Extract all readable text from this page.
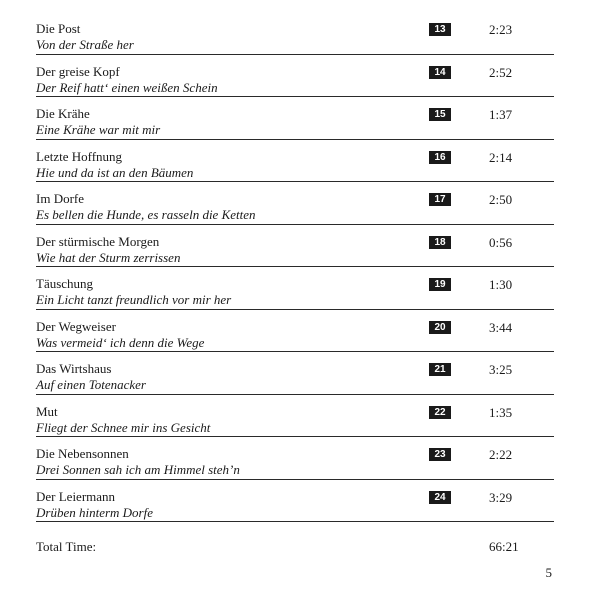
Die Post
Von der Straße her
13	2:23
Der greise Kopf
Der Reif hatt‘ einen weißen Schein
14	2:52
Die Krähe
Eine Krähe war mit mir
15	1:37
Letzte Hoffnung
Hie und da ist an den Bäumen
16	2:14
Im Dorfe
Es bellen die Hunde, es rasseln die Ketten
17	2:50
Der stürmische Morgen
Wie hat der Sturm zerrissen
18	0:56
Täuschung
Ein Licht tanzt freundlich vor mir her
19	1:30
Der Wegweiser
Was vermeid‘ ich denn die Wege
20	3:44
Das Wirtshaus
Auf einen Totenacker
21	3:25
Mut
Fliegt der Schnee mir ins Gesicht
22	1:35
Die Nebensonnen
Drei Sonnen sah ich am Himmel steh’n
23	2:22
Der Leiermann
Drüben hinterm Dorfe
24	3:29
Total Time:	66:21
5
